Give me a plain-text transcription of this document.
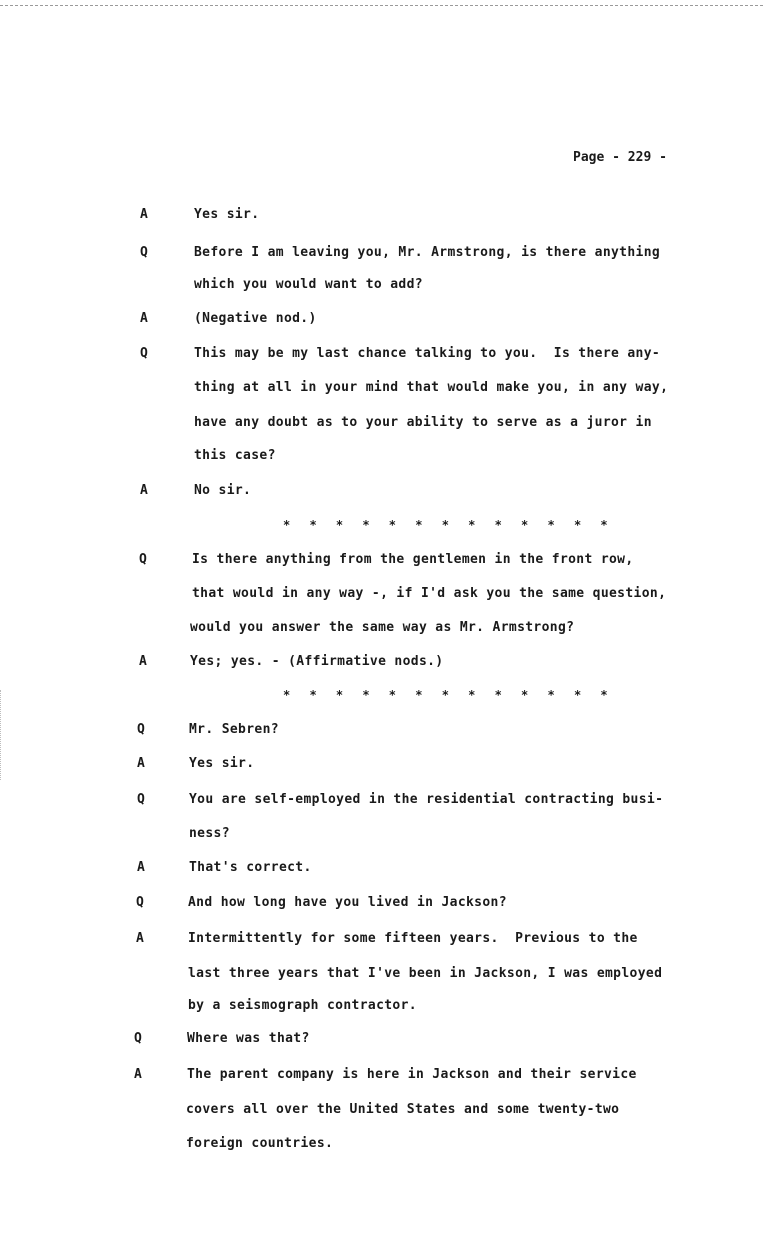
Page - 229 -

A

	Yes sir.

Q

	Before I am leaving you, Mr. Armstrong, is there anything

which you would want to add?

A

	(Negative nod.)

Q

	This may be my last chance talking to you.  Is there any-

thing at all in your mind that would make you, in any way,

have any doubt as to your ability to serve as a juror in

this case?

A

	No sir.

* * * * * * * * * * * * *

Q

	Is there anything from the gentlemen in the front row,

that would in any way -, if I'd ask you the same question,

would you answer the same way as Mr. Armstrong?

A

	Yes; yes. - (Affirmative nods.)

* * * * * * * * * * * * *

Q

	Mr. Sebren?

A

	Yes sir.

Q

	You are self-employed in the residential contracting busi-

ness?

A

	That's correct.

Q

	And how long have you lived in Jackson?

A

	Intermittently for some fifteen years.  Previous to the

last three years that I've been in Jackson, I was employed

by a seismograph contractor.

Q

	Where was that?

A

	The parent company is here in Jackson and their service

covers all over the United States and some twenty-two

foreign countries.
